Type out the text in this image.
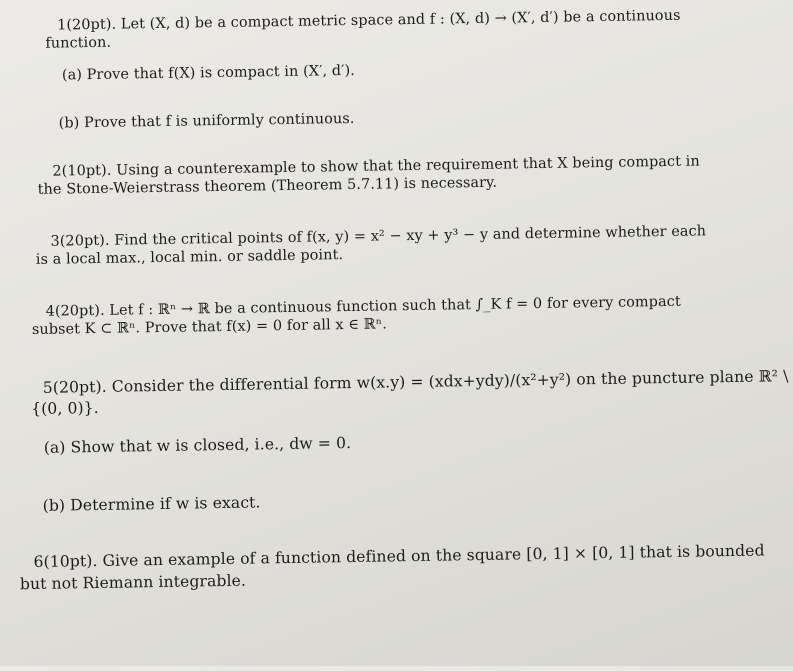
1(20pt). Let (X, d) be a compact metric space and f : (X, d) → (X′, d′) be a continuous
function.
(a) Prove that f(X) is compact in (X′, d′).
(b) Prove that f is uniformly continuous.
2(10pt). Using a counterexample to show that the requirement that X being compact in
the Stone-Weierstrass theorem (Theorem 5.7.11) is necessary.
3(20pt). Find the critical points of f(x, y) = x² − xy + y³ − y and determine whether each
is a local max., local min. or saddle point.
4(20pt). Let f : ℝⁿ → ℝ be a continuous function such that ∫_K f = 0 for every compact
subset K ⊂ ℝⁿ. Prove that f(x) = 0 for all x ∈ ℝⁿ.
5(20pt). Consider the differential form w(x.y) = (xdx+ydy)/(x²+y²) on the puncture plane ℝ² \
{(0, 0)}.
(a) Show that w is closed, i.e., dw = 0.
(b) Determine if w is exact.
6(10pt). Give an example of a function defined on the square [0, 1] × [0, 1] that is bounded
but not Riemann integrable.
